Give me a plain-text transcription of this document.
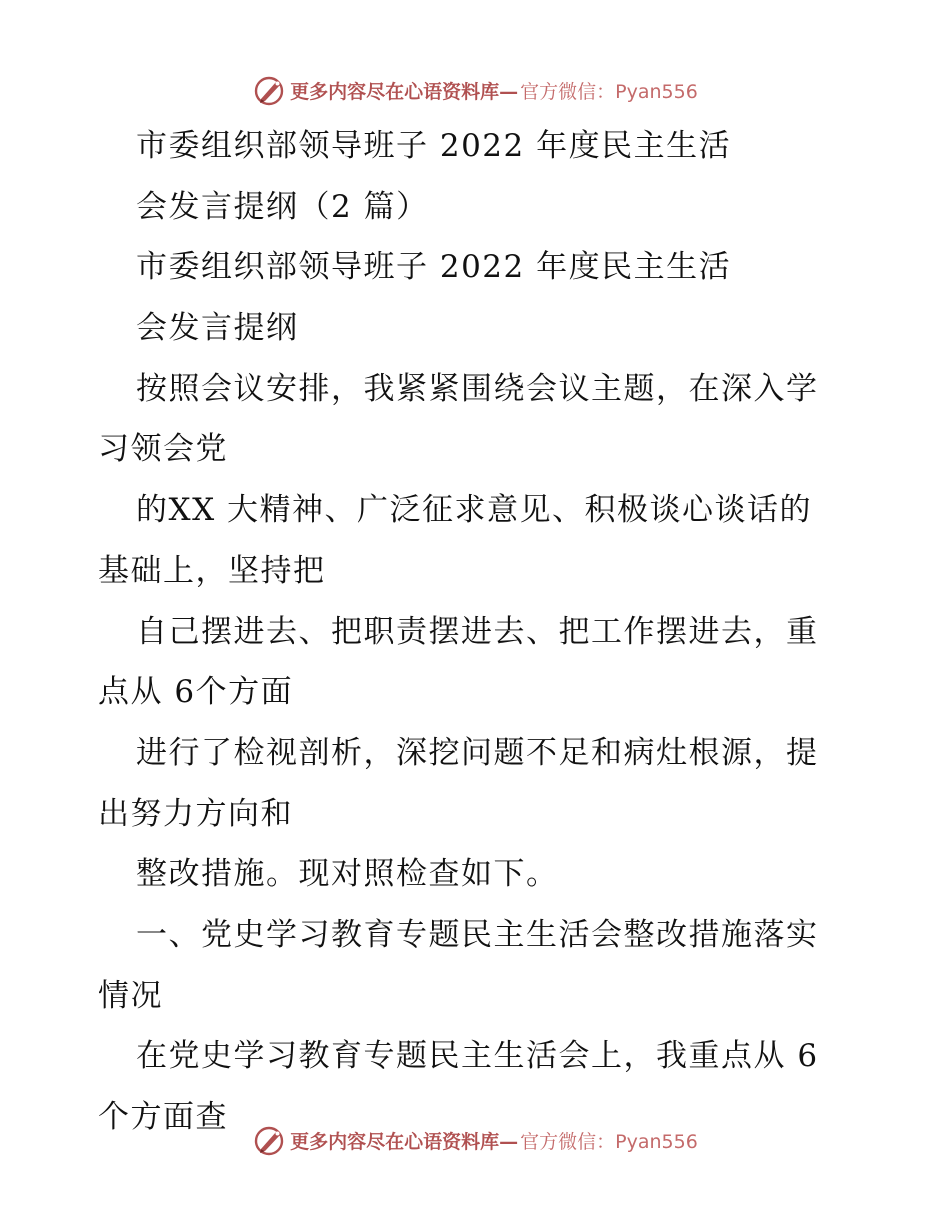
更多内容尽在心语资料库— 官方微信：Pyan556
市委组织部领导班子 2022 年度民主生活
会发言提纲（2 篇）
市委组织部领导班子 2022 年度民主生活
会发言提纲
按照会议安排，我紧紧围绕会议主题，在深入学
习领会党
的XX 大精神、广泛征求意见、积极谈心谈话的
基础上，坚持把
自己摆进去、把职责摆进去、把工作摆进去，重
点从 6个方面
进行了检视剖析，深挖问题不足和病灶根源，提
出努力方向和
整改措施。现对照检查如下。
一、党史学习教育专题民主生活会整改措施落实
情况
在党史学习教育专题民主生活会上，我重点从 6
个方面查
更多内容尽在心语资料库— 官方微信：Pyan556
